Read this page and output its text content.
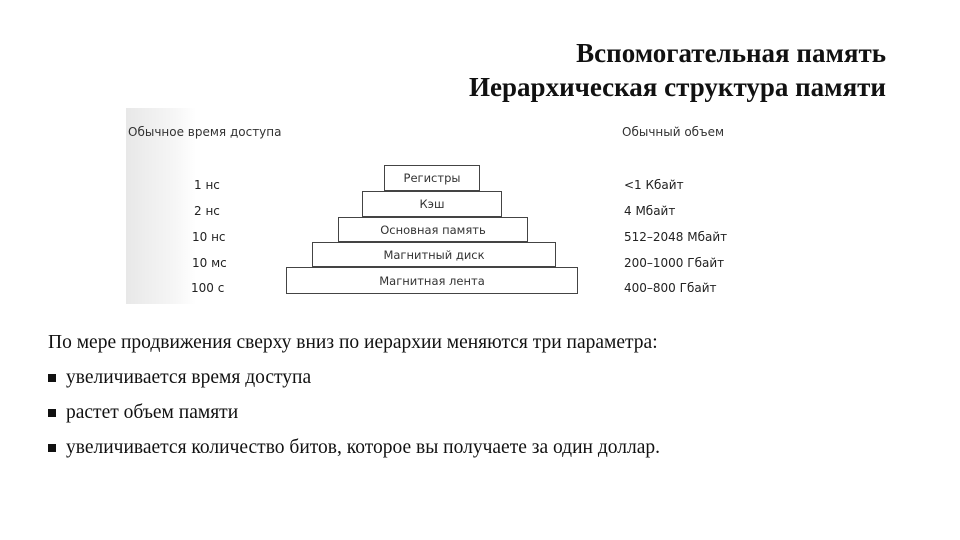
Вспомогательная память
Иерархическая структура памяти
Обычное время доступа	Обычный объем
1 нс
2 нс
10 нс
10 мс
100 с
Регистры
Кэш
Основная память
Магнитный диск
Магнитная лента
<1 Кбайт
4 Мбайт
512–2048 Мбайт
200–1000 Гбайт
400–800 Гбайт

По мере продвижения сверху вниз по иерархии меняются три параметра:

увеличивается время доступа
растет объем памяти
увеличивается количество битов, которое вы получаете за один доллар.
